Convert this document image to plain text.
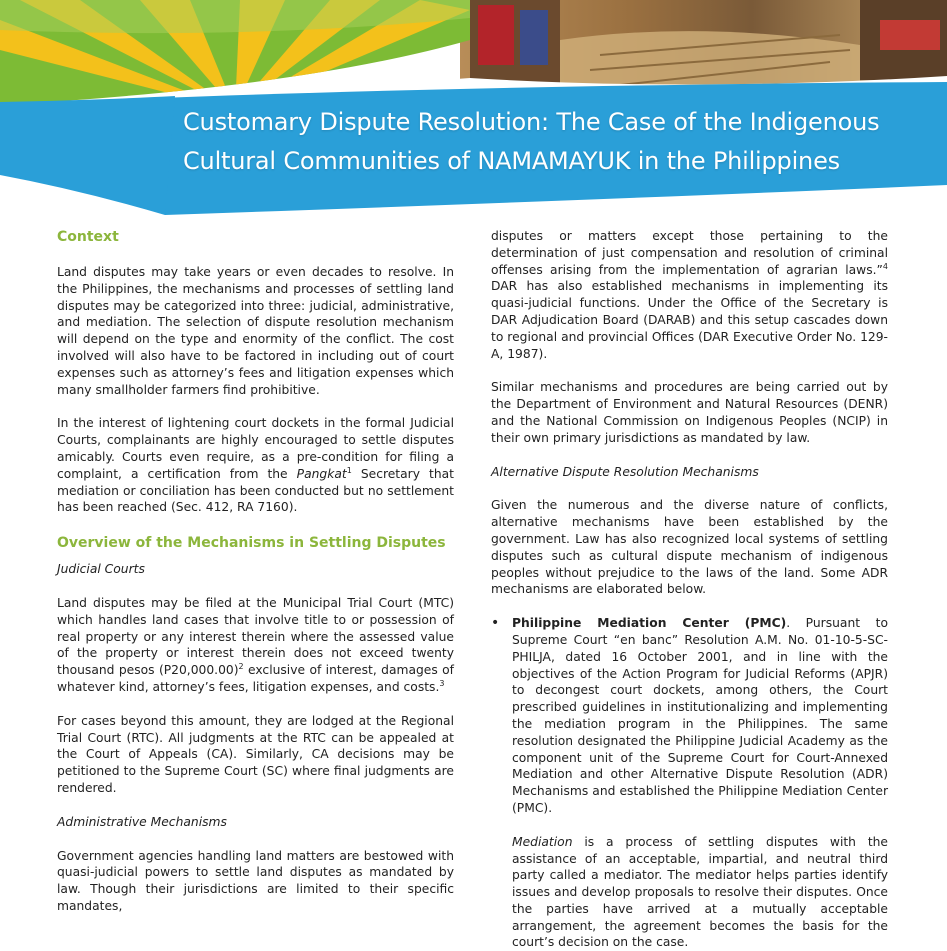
Customary Dispute Resolution: The Case of the Indigenous
Cultural Communities of NAMAMAYUK in the Philippines
Context

Land disputes may take years or even decades to resolve. In the Philippines, the mechanisms and processes of settling land disputes may be categorized into three: judicial, administrative, and mediation. The selection of dispute resolution mechanism will depend on the type and enormity of the conflict. The cost involved will also have to be factored in including out of court expenses such as attorney’s fees and litigation expenses which many smallholder farmers find prohibitive.

In the interest of lightening court dockets in the formal Judicial Courts, complainants are highly encouraged to settle disputes amicably. Courts even require, as a pre-condition for filing a complaint, a certification from the Pangkat$^1$ Secretary that mediation or conciliation has been conducted but no settlement has been reached (Sec. 412, RA 7160).

Overview of the Mechanisms in Settling Disputes

Judicial Courts

Land disputes may be filed at the Municipal Trial Court (MTC) which handles land cases that involve title to or possession of real property or any interest therein where the assessed value of the property or interest therein does not exceed twenty thousand pesos $(P20,000.00)^2$ exclusive of interest, damages of whatever kind, attorney’s fees, litigation expenses, and costs.$^3$

For cases beyond this amount, they are lodged at the Regional Trial Court (RTC). All judgments at the RTC can be appealed at the Court of Appeals (CA). Similarly, CA decisions may be petitioned to the Supreme Court (SC) where final judgments are rendered.

Administrative Mechanisms

Government agencies handling land matters are bestowed with quasi-judicial powers to settle land disputes as mandated by law. Though their jurisdictions are limited to their specific mandates,

disputes or matters except those pertaining to the determination of just compensation and resolution of criminal offenses arising from the implementation of agrarian laws.”$^4$ DAR has also established mechanisms in implementing its quasi-judicial functions. Under the Office of the Secretary is DAR Adjudication Board (DARAB) and this setup cascades down to regional and provincial Offices (DAR Executive Order No. 129-A, 1987).

Similar mechanisms and procedures are being carried out by the Department of Environment and Natural Resources (DENR) and the National Commission on Indigenous Peoples (NCIP) in their own primary jurisdictions as mandated by law.

Alternative Dispute Resolution Mechanisms

Given the numerous and the diverse nature of conflicts, alternative mechanisms have been established by the government. Law has also recognized local systems of settling disputes such as cultural dispute mechanism of indigenous peoples without prejudice to the laws of the land. Some ADR mechanisms are elaborated below.

• Philippine Mediation Center (PMC). Pursuant to Supreme Court “en banc” Resolution A.M. No. 01-10-5-SC-PHILJA, dated 16 October 2001, and in line with the objectives of the Action Program for Judicial Reforms (APJR) to decongest court dockets, among others, the Court prescribed guidelines in institutionalizing and implementing the mediation program in the Philippines. The same resolution designated the Philippine Judicial Academy as the component unit of the Supreme Court for Court-Annexed Mediation and other Alternative Dispute Resolution (ADR) Mechanisms and established the Philippine Mediation Center (PMC).

Mediation is a process of settling disputes with the assistance of an acceptable, impartial, and neutral third party called a mediator. The mediator helps parties identify issues and develop proposals to resolve their disputes. Once the parties have arrived at a mutually acceptable arrangement, the agreement becomes the basis for the court’s decision on the case.
